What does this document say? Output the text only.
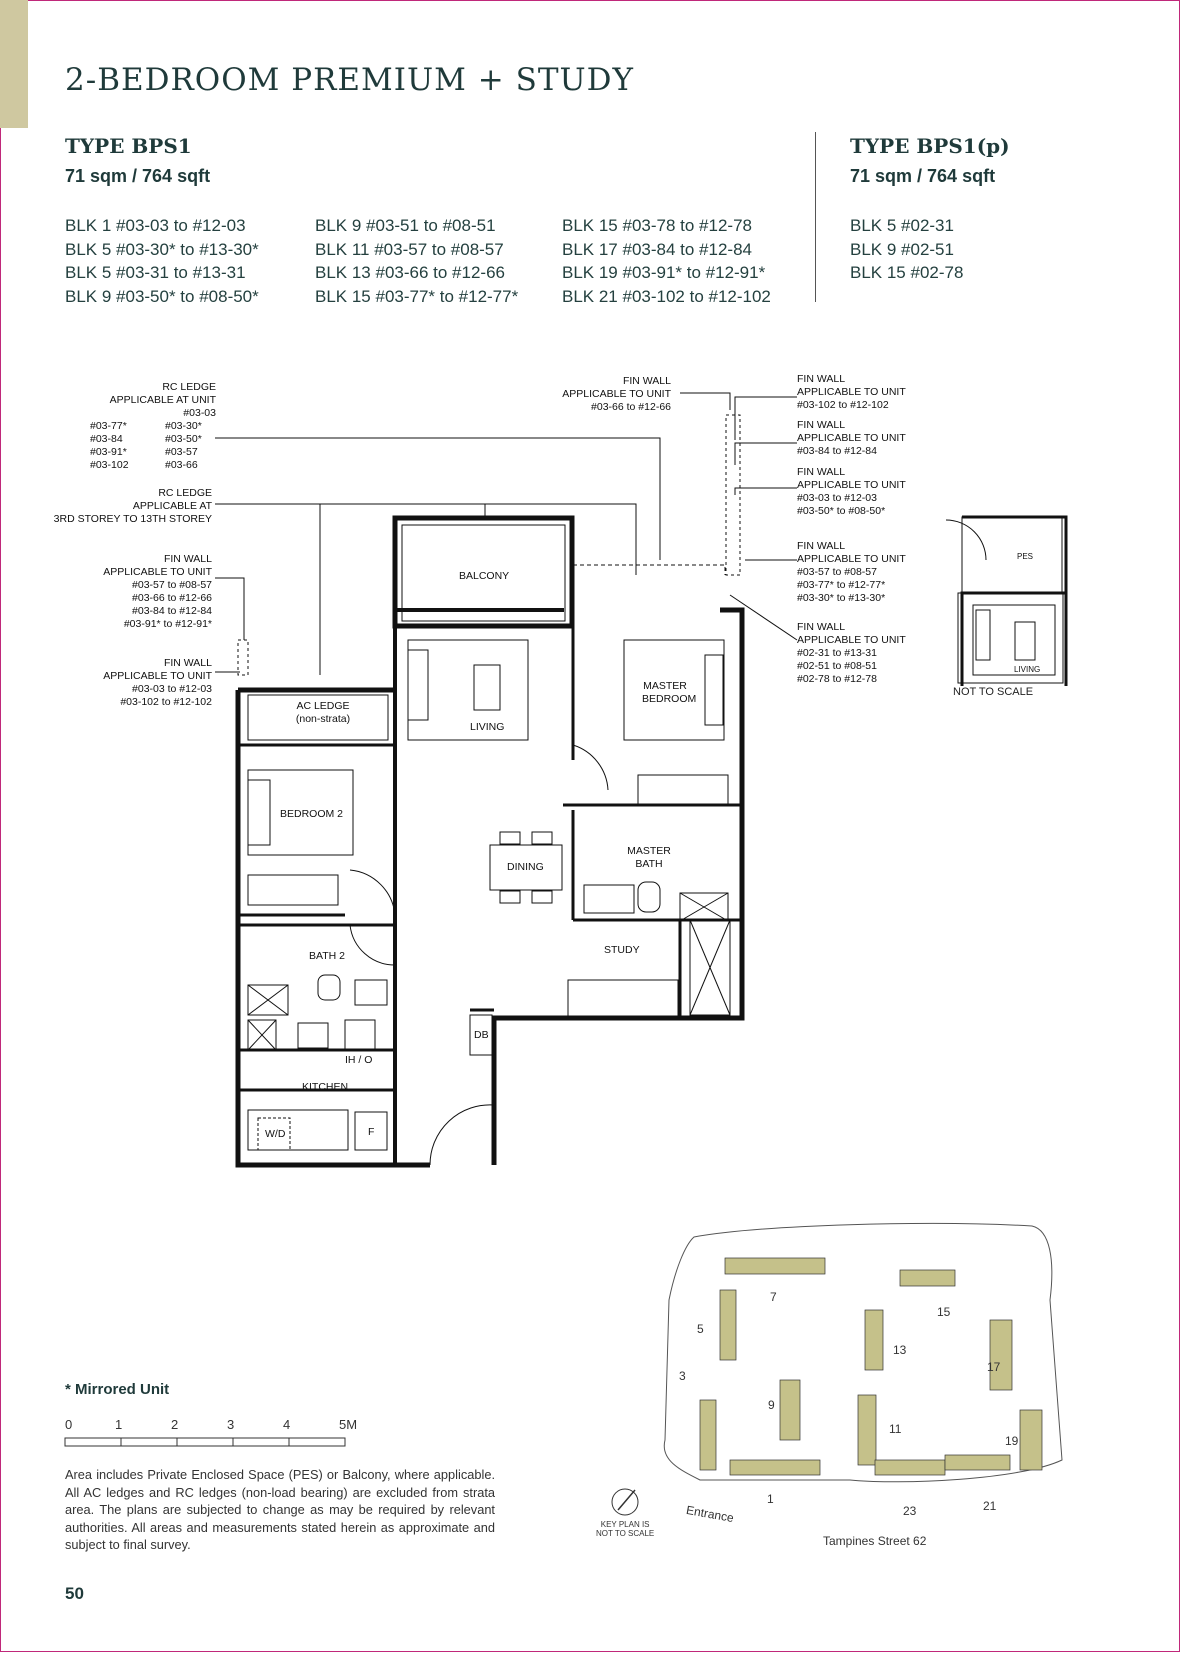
2-BEDROOM PREMIUM + STUDY
TYPE BPS1
71 sqm / 764 sqft
BLK 1 #03-03 to #12-03
BLK 5 #03-30* to #13-30*
BLK 5 #03-31 to #13-31
BLK 9 #03-50* to #08-50*
BLK 9 #03-51 to #08-51
BLK 11 #03-57 to #08-57
BLK 13 #03-66 to #12-66
BLK 15 #03-77* to #12-77*
BLK 15 #03-78 to #12-78
BLK 17 #03-84 to #12-84
BLK 19 #03-91* to #12-91*
BLK 21 #03-102 to #12-102
TYPE BPS1(p)
71 sqm / 764 sqft
BLK 5 #02-31
BLK 9 #02-51
BLK 15 #02-78
RC LEDGE
APPLICABLE AT UNIT
#03-03
#03-77*
#03-84
#03-91*
#03-102
#03-30*
#03-50*
#03-57
#03-66
RC LEDGE
APPLICABLE AT
3RD STOREY TO 13TH STOREY
FIN WALL
APPLICABLE TO UNIT
#03-57 to #08-57
#03-66 to #12-66
#03-84 to #12-84
#03-91* to #12-91*
FIN WALL
APPLICABLE TO UNIT
#03-03 to #12-03
#03-102 to #12-102
FIN WALL
APPLICABLE TO UNIT
#03-66 to #12-66
FIN WALL
APPLICABLE TO UNIT
#03-102 to #12-102
FIN WALL
APPLICABLE TO UNIT
#03-84 to #12-84
FIN WALL
APPLICABLE TO UNIT
#03-03 to #12-03
#03-50* to #08-50*
FIN WALL
APPLICABLE TO UNIT
#03-57 to #08-57
#03-77* to #12-77*
#03-30* to #13-30*
FIN WALL
APPLICABLE TO UNIT
#02-31 to #13-31
#02-51 to #08-51
#02-78 to #12-78
BALCONY
LIVING
MASTER
BEDROOM
AC LEDGE
(non-strata)
BEDROOM 2
DINING
MASTER
BATH
BATH 2	STUDY
DB
IH / O
KITCHEN
W/D	F
PES
LIVING
NOT TO SCALE
* Mirrored Unit
0	1	2	3	4	5M
Area includes Private Enclosed Space (PES) or Balcony, where applicable. All AC ledges and RC ledges (non-load bearing) are excluded from strata area. The plans are subjected to change as may be required by relevant authorities. All areas and measurements stated herein as approximate and subject to final survey.
3
5
7
9
11
13
15
17
19
21
23
1
Entrance
Tampines Street 62
KEY PLAN IS
NOT TO SCALE
50
